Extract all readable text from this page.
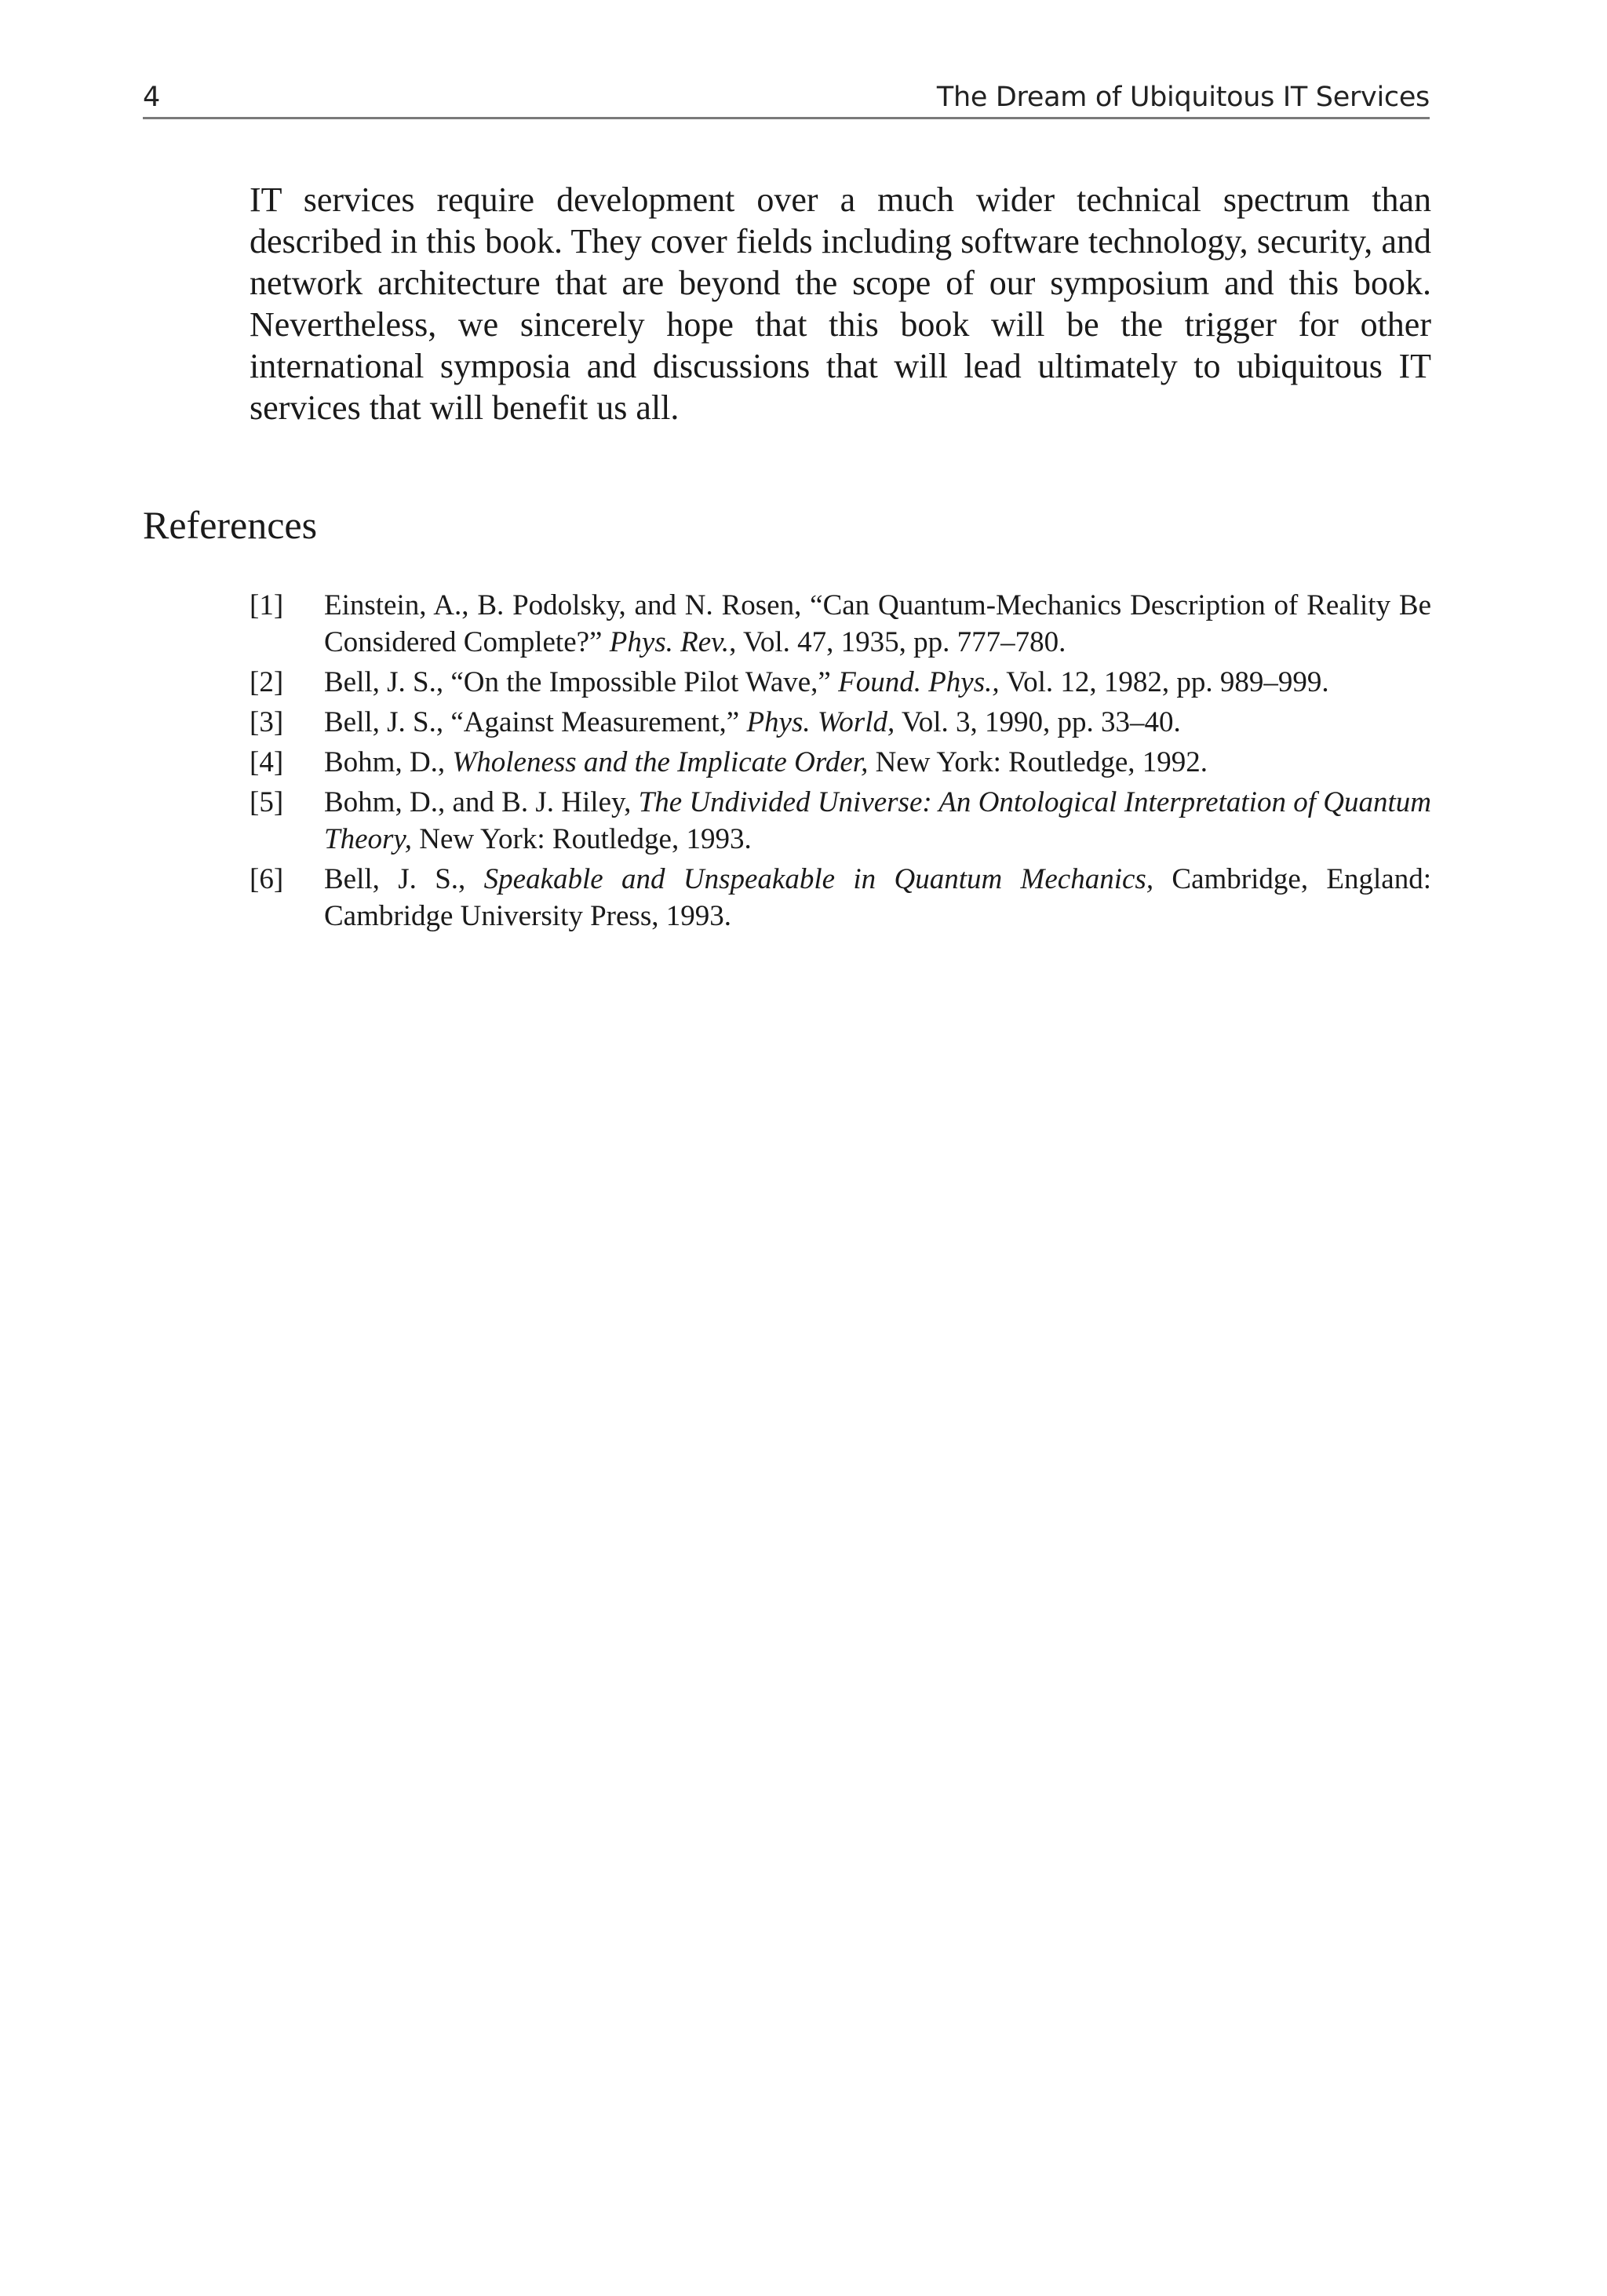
4	The Dream of Ubiquitous IT Services

IT services require development over a much wider technical spectrum than described in this book. They cover fields including software technology, security, and network architecture that are beyond the scope of our symposium and this book. Nevertheless, we sincerely hope that this book will be the trigger for other international symposia and discussions that will lead ultimately to ubiquitous IT services that will benefit us all.

References
[1] Einstein, A., B. Podolsky, and N. Rosen, “Can Quantum-Mechanics Description of Reality Be Considered Complete?” Phys. Rev., Vol. 47, 1935, pp. 777–780.
[2] Bell, J. S., “On the Impossible Pilot Wave,” Found. Phys., Vol. 12, 1982, pp. 989–999.
[3] Bell, J. S., “Against Measurement,” Phys. World, Vol. 3, 1990, pp. 33–40.
[4] Bohm, D., Wholeness and the Implicate Order, New York: Routledge, 1992.
[5] Bohm, D., and B. J. Hiley, The Undivided Universe: An Ontological Interpretation of Quantum Theory, New York: Routledge, 1993.
[6] Bell, J. S., Speakable and Unspeakable in Quantum Mechanics, Cambridge, England: Cambridge University Press, 1993.
